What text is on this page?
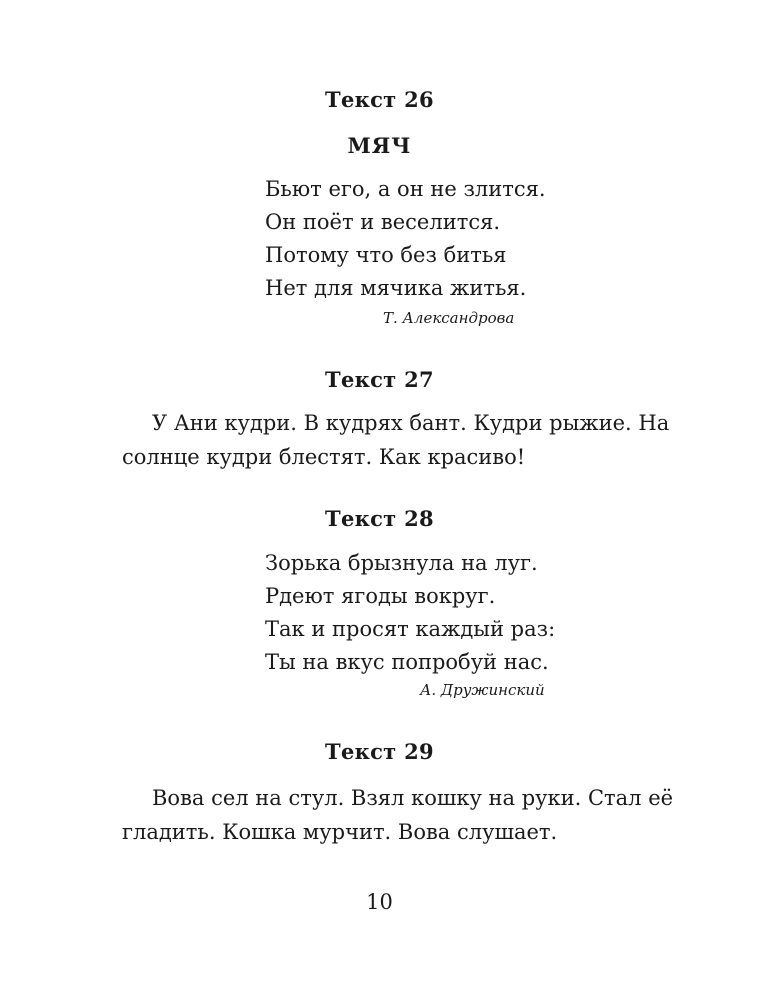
Текст 26
МЯЧ
Бьют его, а он не злится.
Он поёт и веселится.
Потому что без битья
Нет для мячика житья.
Т. Александрова
Текст 27

У Ани кудри. В кудрях бант. Кудри рыжие. На солнце кудри блестят. Как красиво!

Текст 28
Зорька брызнула на луг.
Рдеют ягоды вокруг.
Так и просят каждый раз:
Ты на вкус попробуй нас.
А. Дружинский
Текст 29

Вова сел на стул. Взял кошку на руки. Стал её гладить. Кошка мурчит. Вова слушает.

10
